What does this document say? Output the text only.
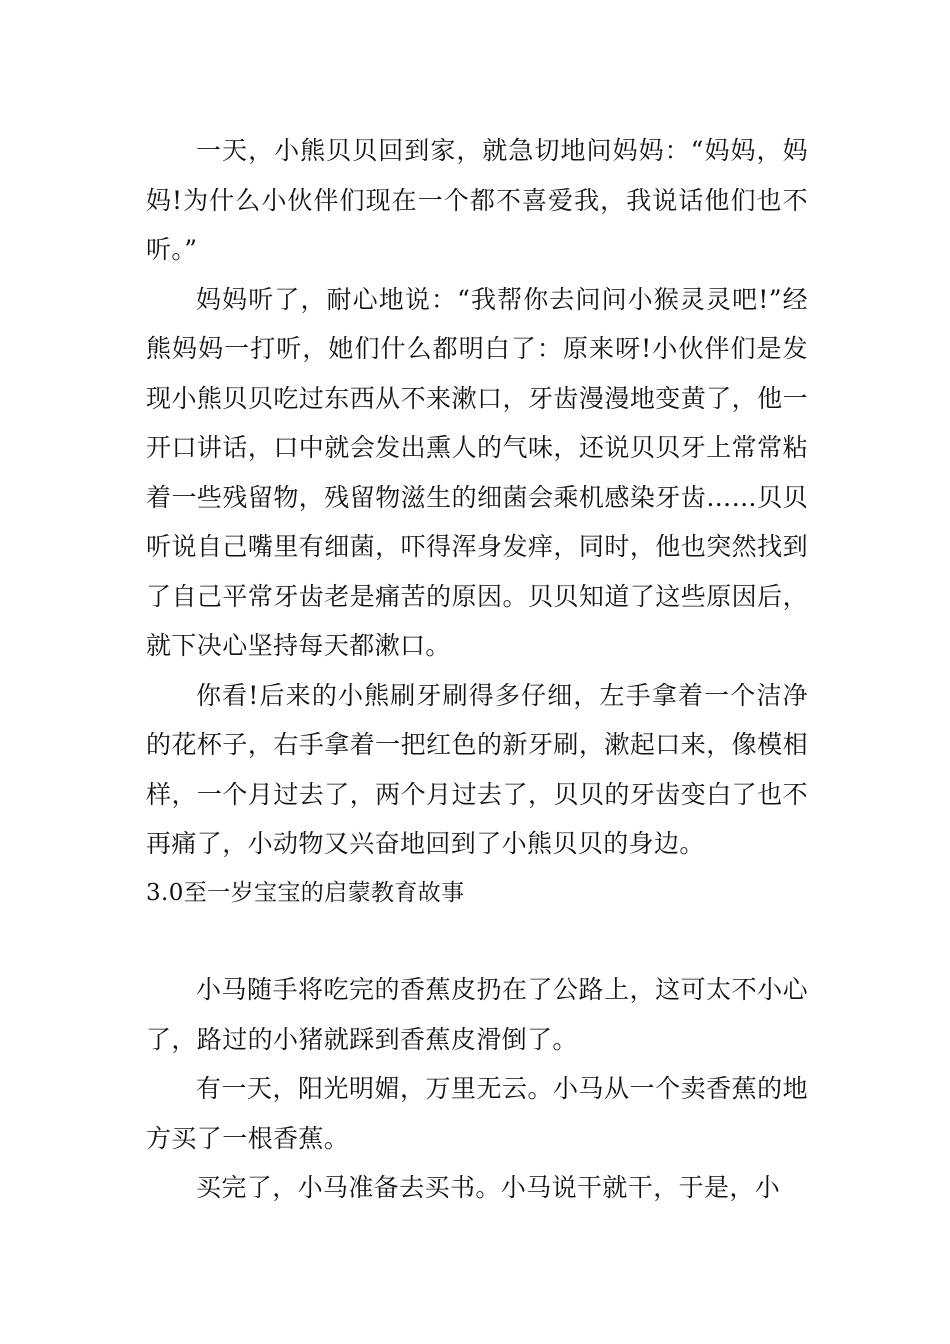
一天，小熊贝贝回到家，就急切地问妈妈：“妈妈，妈妈!为什么小伙伴们现在一个都不喜爱我，我说话他们也不听。”

妈妈听了，耐心地说：“我帮你去问问小猴灵灵吧!”经熊妈妈一打听，她们什么都明白了：原来呀!小伙伴们是发现小熊贝贝吃过东西从不来漱口，牙齿漫漫地变黄了，他一开口讲话，口中就会发出熏人的气味，还说贝贝牙上常常粘着一些残留物，残留物滋生的细菌会乘机感染牙齿……贝贝听说自己嘴里有细菌，吓得浑身发痒，同时，他也突然找到了自己平常牙齿老是痛苦的原因。贝贝知道了这些原因后，就下决心坚持每天都漱口。

你看!后来的小熊刷牙刷得多仔细，左手拿着一个洁净的花杯子，右手拿着一把红色的新牙刷，漱起口来，像模相样，一个月过去了，两个月过去了，贝贝的牙齿变白了也不再痛了，小动物又兴奋地回到了小熊贝贝的身边。

3.0至一岁宝宝的启蒙教育故事

小马随手将吃完的香蕉皮扔在了公路上，这可太不小心了，路过的小猪就踩到香蕉皮滑倒了。

有一天，阳光明媚，万里无云。小马从一个卖香蕉的地方买了一根香蕉。

买完了，小马准备去买书。小马说干就干，于是，小
